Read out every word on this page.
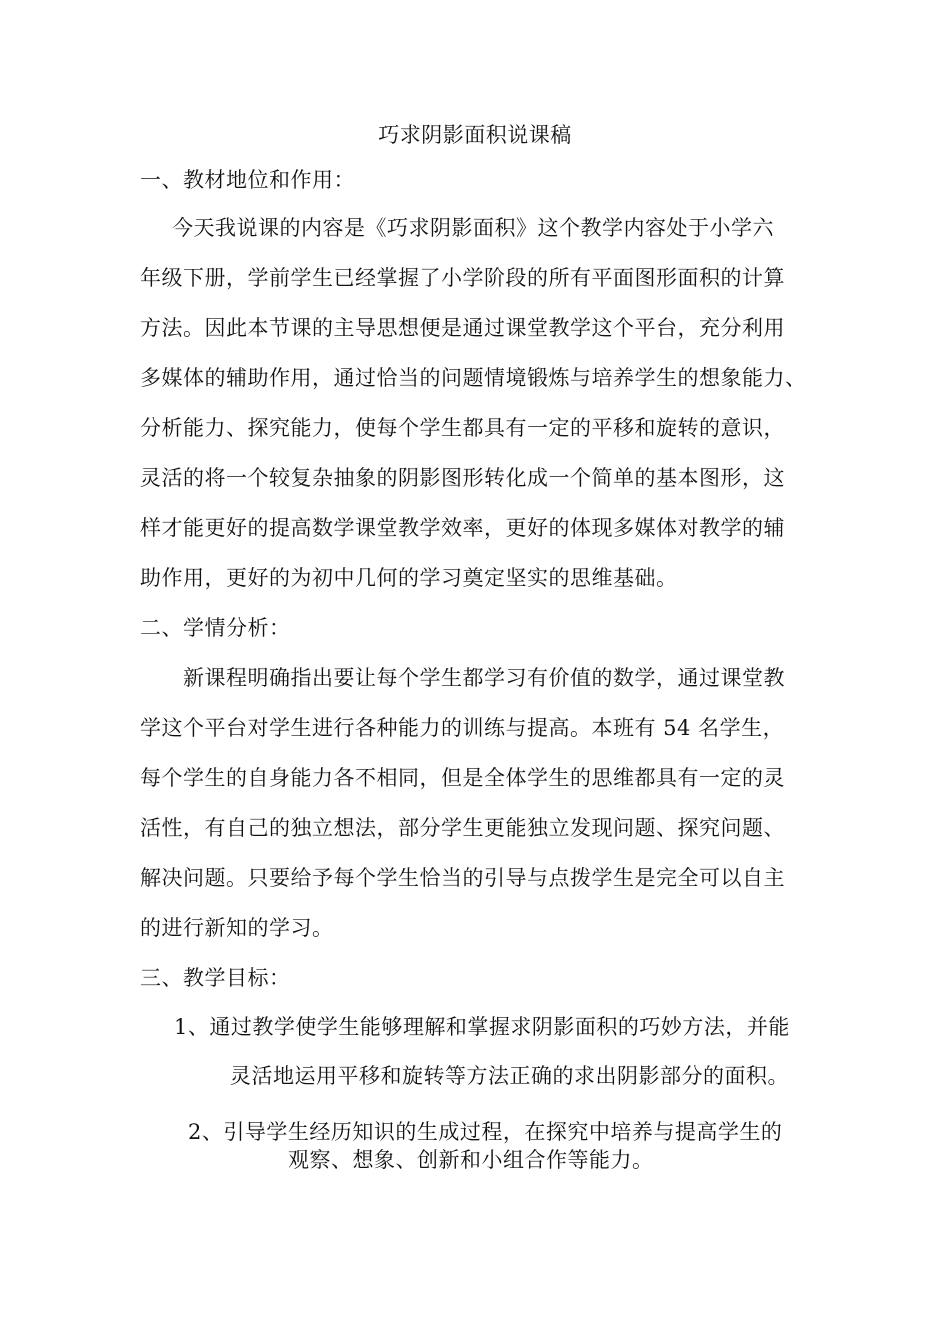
巧求阴影面积说课稿
一、教材地位和作用：
今天我说课的内容是《巧求阴影面积》这个教学内容处于小学六
年级下册，学前学生已经掌握了小学阶段的所有平面图形面积的计算
方法。因此本节课的主导思想便是通过课堂教学这个平台，充分利用
多媒体的辅助作用，通过恰当的问题情境锻炼与培养学生的想象能力、
分析能力、探究能力，使每个学生都具有一定的平移和旋转的意识，
灵活的将一个较复杂抽象的阴影图形转化成一个简单的基本图形，这
样才能更好的提高数学课堂教学效率，更好的体现多媒体对教学的辅
助作用，更好的为初中几何的学习奠定坚实的思维基础。
二、学情分析：
新课程明确指出要让每个学生都学习有价值的数学，通过课堂教
学这个平台对学生进行各种能力的训练与提高。本班有 54 名学生，
每个学生的自身能力各不相同，但是全体学生的思维都具有一定的灵
活性，有自己的独立想法，部分学生更能独立发现问题、探究问题、
解决问题。只要给予每个学生恰当的引导与点拨学生是完全可以自主
的进行新知的学习。
三、教学目标：
1、通过教学使学生能够理解和掌握求阴影面积的巧妙方法，并能
灵活地运用平移和旋转等方法正确的求出阴影部分的面积。
2、引导学生经历知识的生成过程，在探究中培养与提高学生的
观察、想象、创新和小组合作等能力。
